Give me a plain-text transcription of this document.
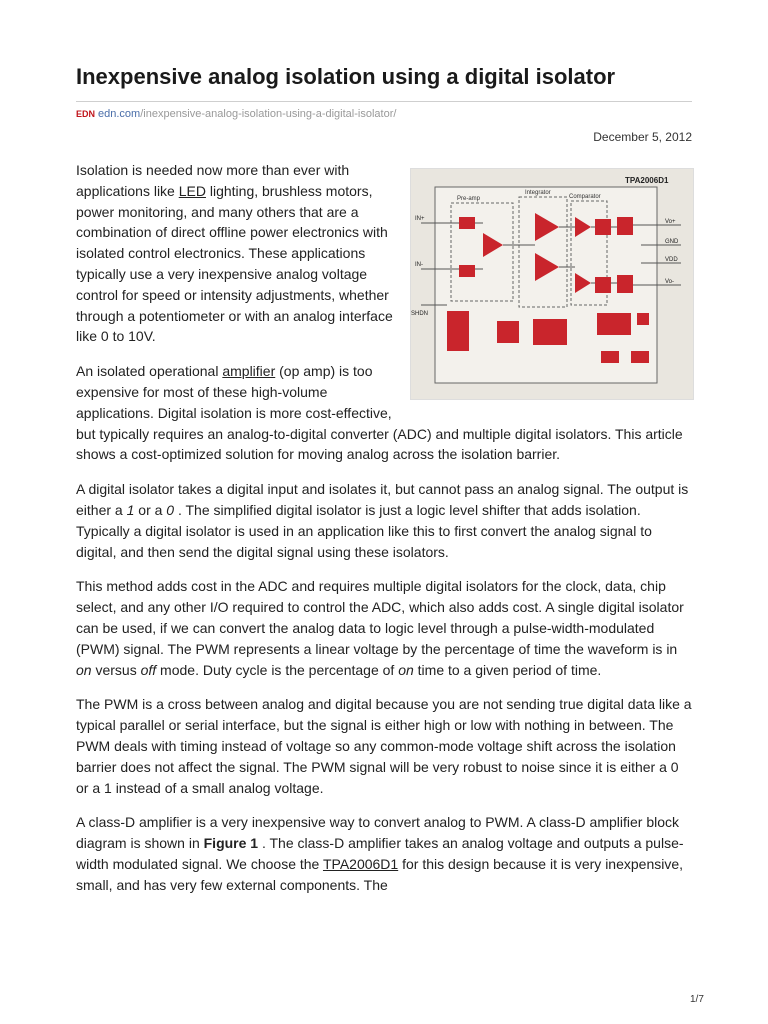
Inexpensive analog isolation using a digital isolator
EDN edn.com/inexpensive-analog-isolation-using-a-digital-isolator/
December 5, 2012
TPA2006D1
Pre-amp
Integrator
Comparator
IN+
IN-
SHDN
Vo+
GND
VDD
Vo-

Isolation is needed now more than ever with applications like LED lighting, brushless motors, power monitoring, and many others that are a combination of direct offline power electronics with isolated control electronics. These applications typically use a very inexpensive analog voltage control for speed or intensity adjustments, whether through a potentiometer or with an analog interface like 0 to 10V.

An isolated operational amplifier (op amp) is too expensive for most of these high-volume applications. Digital isolation is more cost-effective, but typically requires an analog-to-digital converter (ADC) and multiple digital isolators. This article shows a cost-optimized solution for moving analog across the isolation barrier.

A digital isolator takes a digital input and isolates it, but cannot pass an analog signal. The output is either a 1 or a 0 . The simplified digital isolator is just a logic level shifter that adds isolation. Typically a digital isolator is used in an application like this to first convert the analog signal to digital, and then send the digital signal using these isolators.

This method adds cost in the ADC and requires multiple digital isolators for the clock, data, chip select, and any other I/O required to control the ADC, which also adds cost. A single digital isolator can be used, if we can convert the analog data to logic level through a pulse-width-modulated (PWM) signal. The PWM represents a linear voltage by the percentage of time the waveform is in on versus off mode. Duty cycle is the percentage of on time to a given period of time.

The PWM is a cross between analog and digital because you are not sending true digital data like a typical parallel or serial interface, but the signal is either high or low with nothing in between. The PWM deals with timing instead of voltage so any common-mode voltage shift across the isolation barrier does not affect the signal. The PWM signal will be very robust to noise since it is either a 0 or a 1 instead of a small analog voltage.

A class-D amplifier is a very inexpensive way to convert analog to PWM. A class-D amplifier block diagram is shown in Figure 1 . The class-D amplifier takes an analog voltage and outputs a pulse-width modulated signal. We choose the TPA2006D1 for this design because it is very inexpensive, small, and has very few external components. The

1/7
